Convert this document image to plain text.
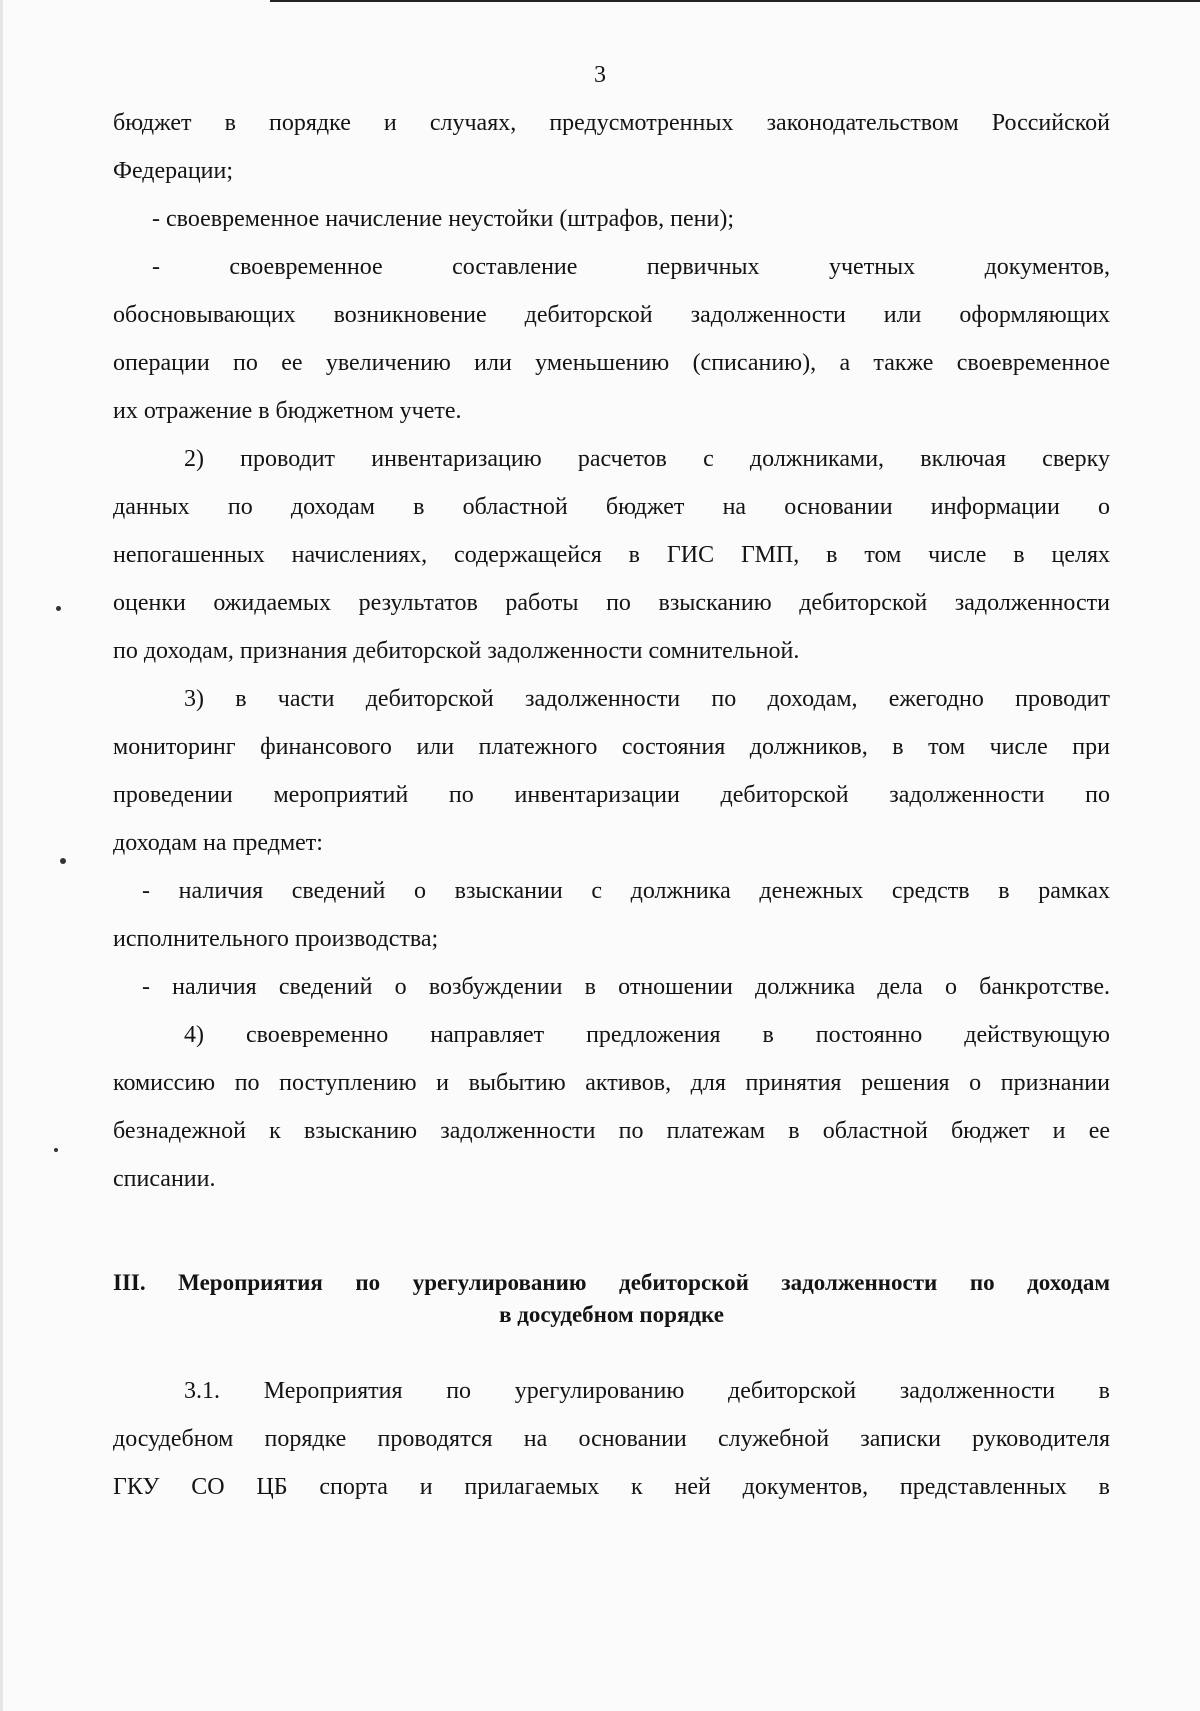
3
бюджет в порядке и случаях, предусмотренных законодательством Российской
Федерации;
- своевременное начисление неустойки (штрафов, пени);
- своевременное составление первичных учетных документов,
обосновывающих возникновение дебиторской задолженности или оформляющих
операции по ее увеличению или уменьшению (списанию), а также своевременное
их отражение в бюджетном учете.
2) проводит инвентаризацию расчетов с должниками, включая сверку
данных по доходам в областной бюджет на основании информации о
непогашенных начислениях, содержащейся в ГИС ГМП, в том числе в целях
оценки ожидаемых результатов работы по взысканию дебиторской задолженности
по доходам, признания дебиторской задолженности сомнительной.
3) в части дебиторской задолженности по доходам, ежегодно проводит
мониторинг финансового или платежного состояния должников, в том числе при
проведении мероприятий по инвентаризации дебиторской задолженности по
доходам на предмет:
- наличия сведений о взыскании с должника денежных средств в рамках
исполнительного производства;
- наличия сведений о возбуждении в отношении должника дела о банкротстве.
4) своевременно направляет предложения в постоянно действующую
комиссию по поступлению и выбытию активов, для принятия решения о признании
безнадежной к взысканию задолженности по платежам в областной бюджет и ее
списании.
III. Мероприятия по урегулированию дебиторской задолженности по доходам
в досудебном порядке
3.1. Мероприятия по урегулированию дебиторской задолженности в
досудебном порядке проводятся на основании служебной записки руководителя
ГКУ СО ЦБ спорта и прилагаемых к ней документов, представленных в
